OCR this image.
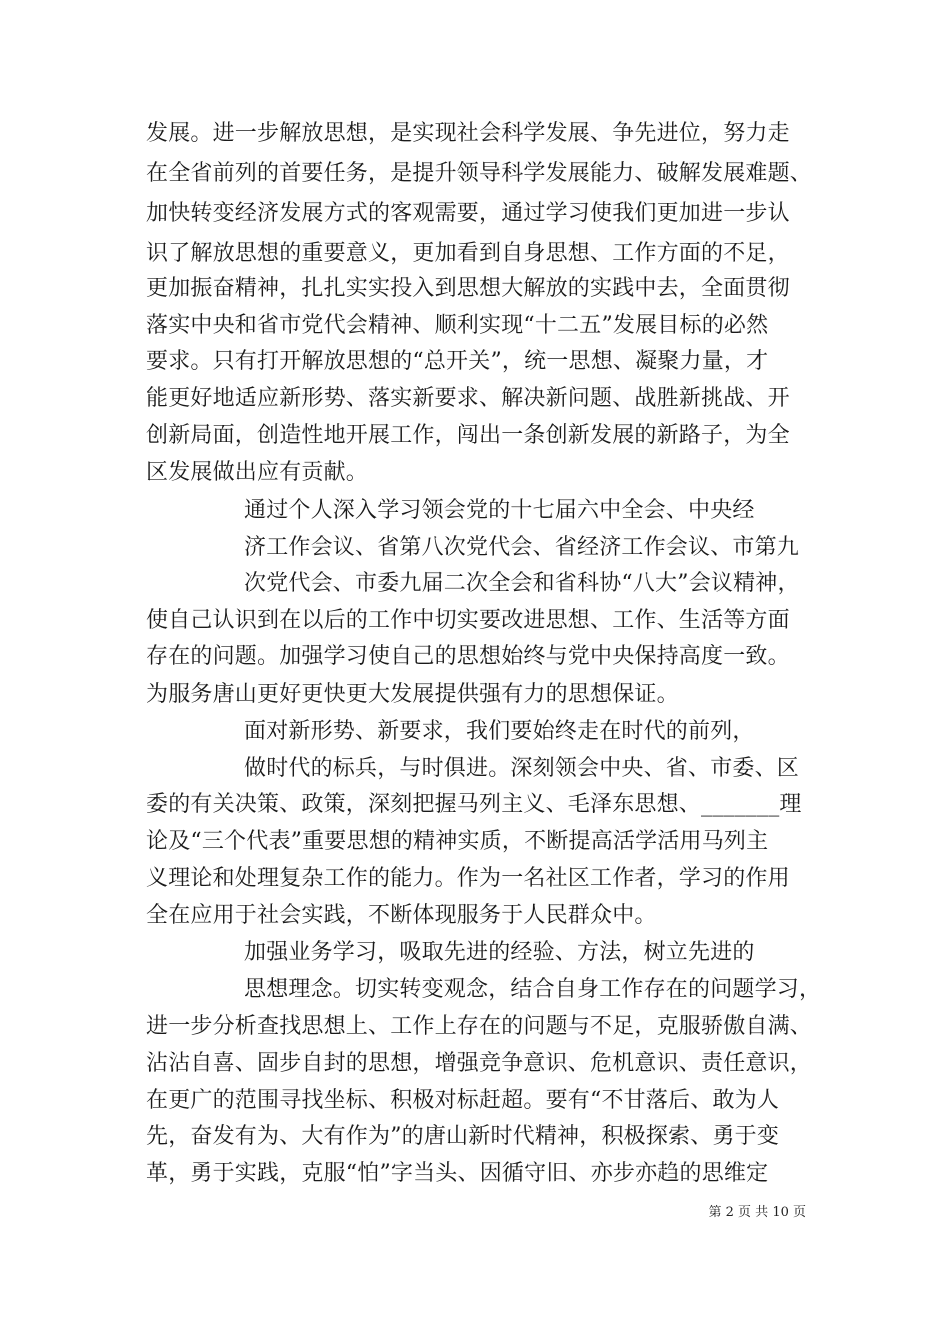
发展。进一步解放思想，是实现社会科学发展、争先进位，努力走
在全省前列的首要任务，是提升领导科学发展能力、破解发展难题、
加快转变经济发展方式的客观需要，通过学习使我们更加进一步认
识了解放思想的重要意义，更加看到自身思想、工作方面的不足，
更加振奋精神，扎扎实实投入到思想大解放的实践中去，全面贯彻
落实中央和省市党代会精神、顺利实现“十二五”发展目标的必然
要求。只有打开解放思想的“总开关”，统一思想、凝聚力量，才
能更好地适应新形势、落实新要求、解决新问题、战胜新挑战、开
创新局面，创造性地开展工作，闯出一条创新发展的新路子，为全
区发展做出应有贡献。
通过个人深入学习领会党的十七届六中全会、中央经
济工作会议、省第八次党代会、省经济工作会议、市第九
次党代会、市委九届二次全会和省科协“八大”会议精神，
使自己认识到在以后的工作中切实要改进思想、工作、生活等方面
存在的问题。加强学习使自己的思想始终与党中央保持高度一致。
为服务唐山更好更快更大发展提供强有力的思想保证。
面对新形势、新要求，我们要始终走在时代的前列，
做时代的标兵，与时俱进。深刻领会中央、省、市委、区
委的有关决策、政策，深刻把握马列主义、毛泽东思想、_______理
论及“三个代表”重要思想的精神实质，不断提高活学活用马列主
义理论和处理复杂工作的能力。作为一名社区工作者，学习的作用
全在应用于社会实践，不断体现服务于人民群众中。
加强业务学习，吸取先进的经验、方法，树立先进的
思想理念。切实转变观念，结合自身工作存在的问题学习，
进一步分析查找思想上、工作上存在的问题与不足，克服骄傲自满、
沾沾自喜、固步自封的思想，增强竞争意识、危机意识、责任意识，
在更广的范围寻找坐标、积极对标赶超。要有“不甘落后、敢为人
先，奋发有为、大有作为”的唐山新时代精神，积极探索、勇于变
革，勇于实践，克服“怕”字当头、因循守旧、亦步亦趋的思维定
第 2 页 共 10 页
